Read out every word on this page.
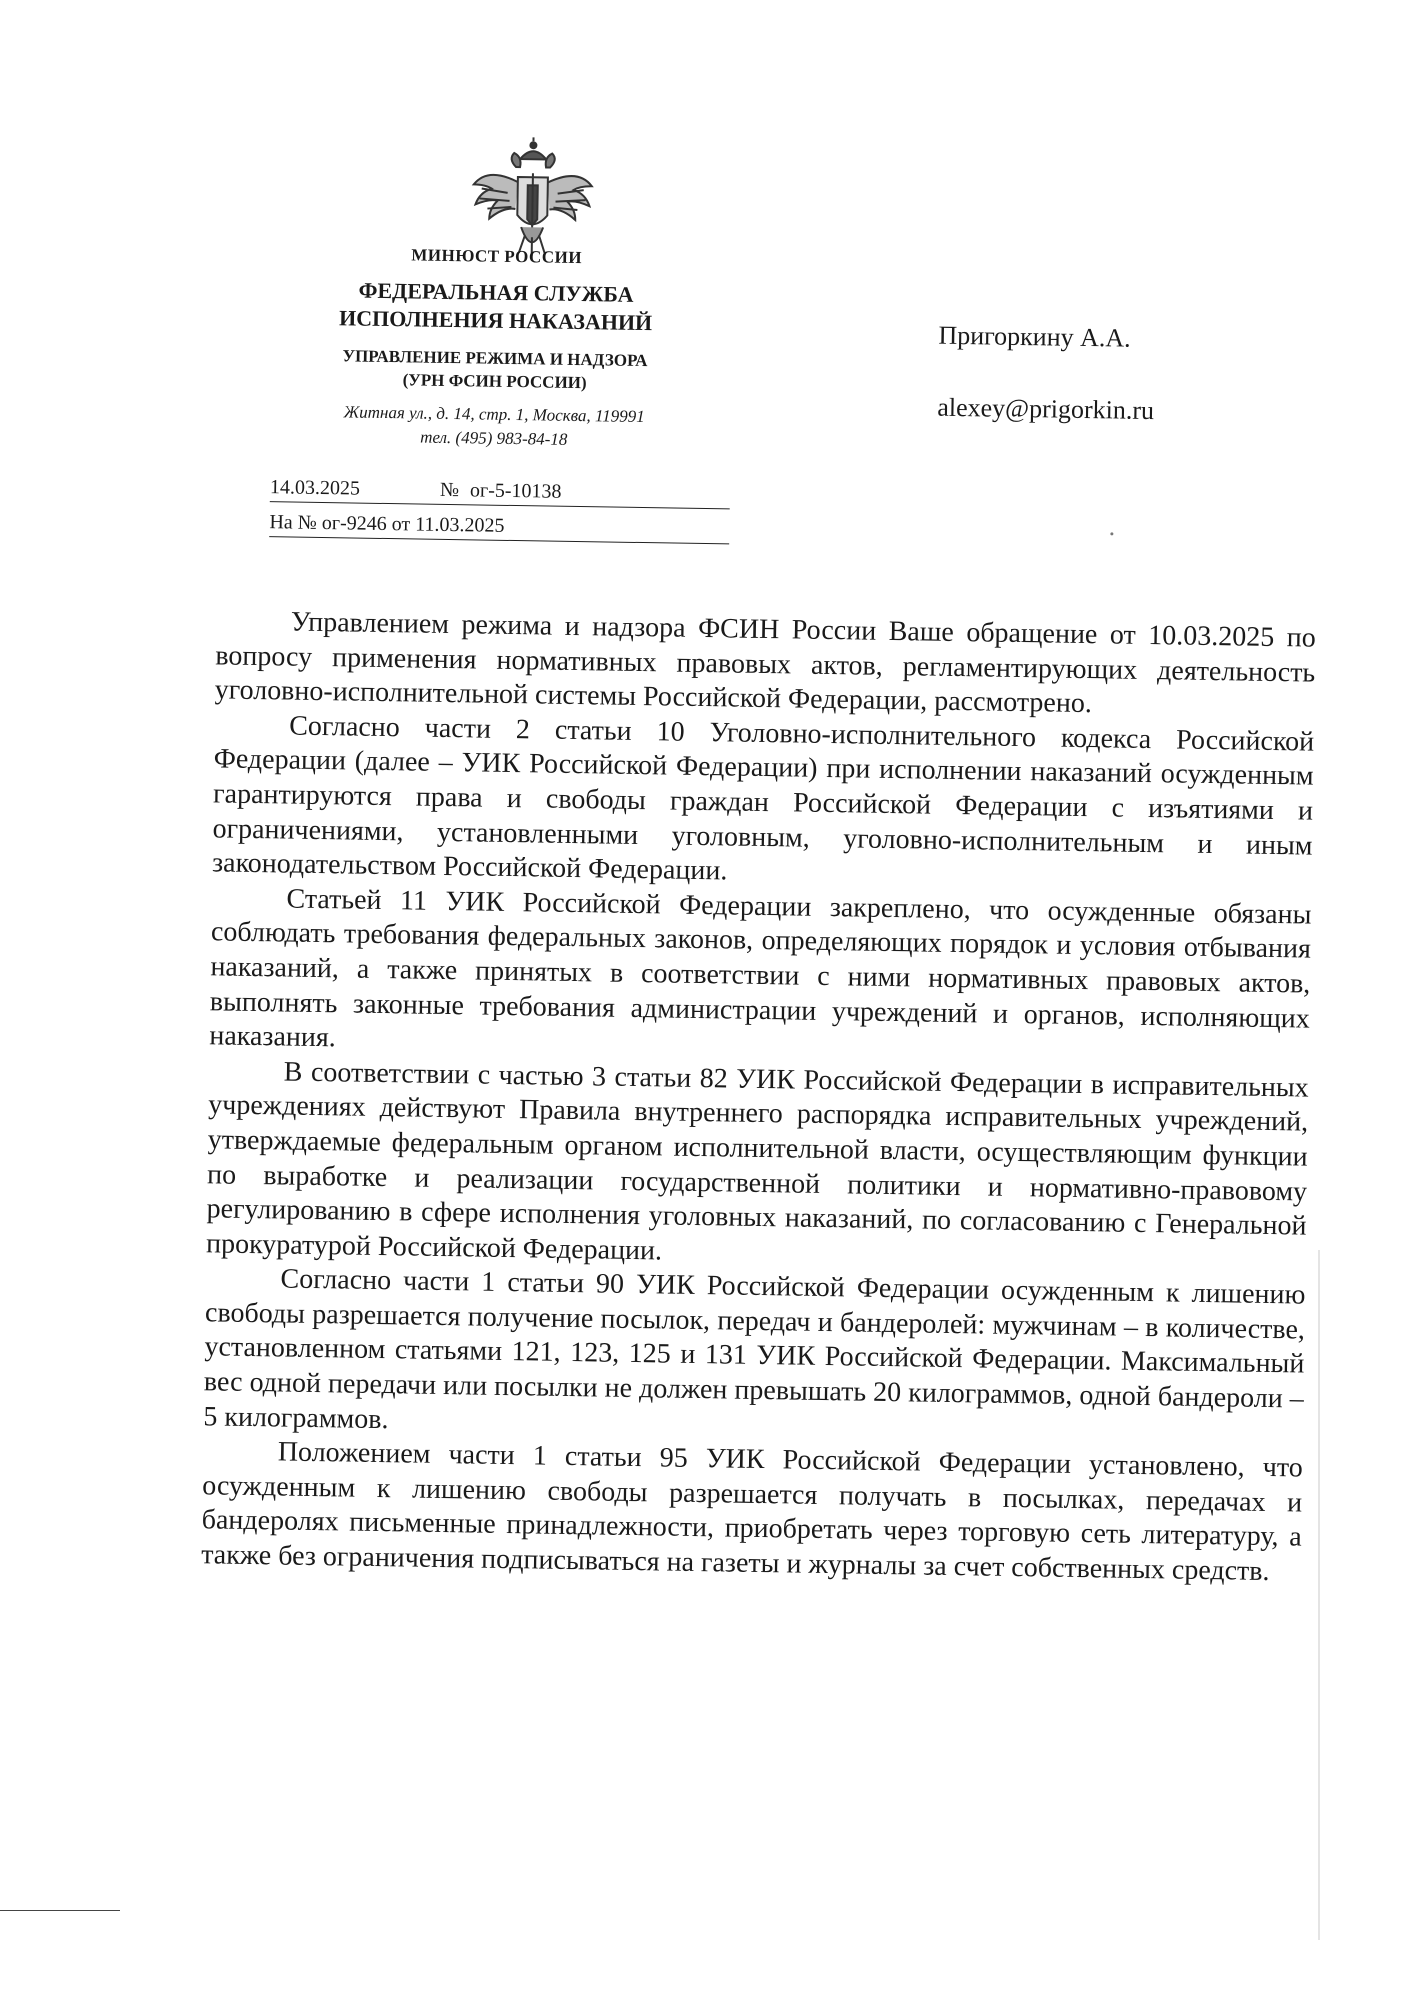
МИНЮСТ РОССИИ
ФЕДЕРАЛЬНАЯ СЛУЖБА
ИСПОЛНЕНИЯ НАКАЗАНИЙ
УПРАВЛЕНИЕ РЕЖИМА И НАДЗОРА
(УРН ФСИН РОССИИ)
Житная ул., д. 14, стр. 1, Москва, 119991
тел. (495) 983-84-18
14.03.2025	№ ог-5-10138
На № ог-9246 от 11.03.2025
Пригоркину А.А.
alexey@prigorkin.ru

Управлением режима и надзора ФСИН России Ваше обращение от 10.03.2025 по вопросу применения нормативных правовых актов, регламентирующих деятельность уголовно-исполнительной системы Российской Федерации, рассмотрено.

Согласно части 2 статьи 10 Уголовно-исполнительного кодекса Российской Федерации (далее – УИК Российской Федерации) при исполнении наказаний осужденным гарантируются права и свободы граждан Российской Федерации с изъятиями и ограничениями, установленными уголовным, уголовно-исполнительным и иным законодательством Российской Федерации.

Статьей 11 УИК Российской Федерации закреплено, что осужденные обязаны соблюдать требования федеральных законов, определяющих порядок и условия отбывания наказаний, а также принятых в соответствии с ними нормативных правовых актов, выполнять законные требования администрации учреждений и органов, исполняющих наказания.

В соответствии с частью 3 статьи 82 УИК Российской Федерации в исправительных учреждениях действуют Правила внутреннего распорядка исправительных учреждений, утверждаемые федеральным органом исполнительной власти, осуществляющим функции по выработке и реализации государственной политики и нормативно-правовому регулированию в сфере исполнения уголовных наказаний, по согласованию с Генеральной прокуратурой Российской Федерации.

Согласно части 1 статьи 90 УИК Российской Федерации осужденным к лишению свободы разрешается получение посылок, передач и бандеролей: мужчинам – в количестве, установленном статьями 121, 123, 125 и 131 УИК Российской Федерации. Максимальный вес одной передачи или посылки не должен превышать 20 килограммов, одной бандероли – 5 килограммов.

Положением части 1 статьи 95 УИК Российской Федерации установлено, что осужденным к лишению свободы разрешается получать в посылках, передачах и бандеролях письменные принадлежности, приобретать через торговую сеть литературу, а также без ограничения подписываться на газеты и журналы за счет собственных средств.
